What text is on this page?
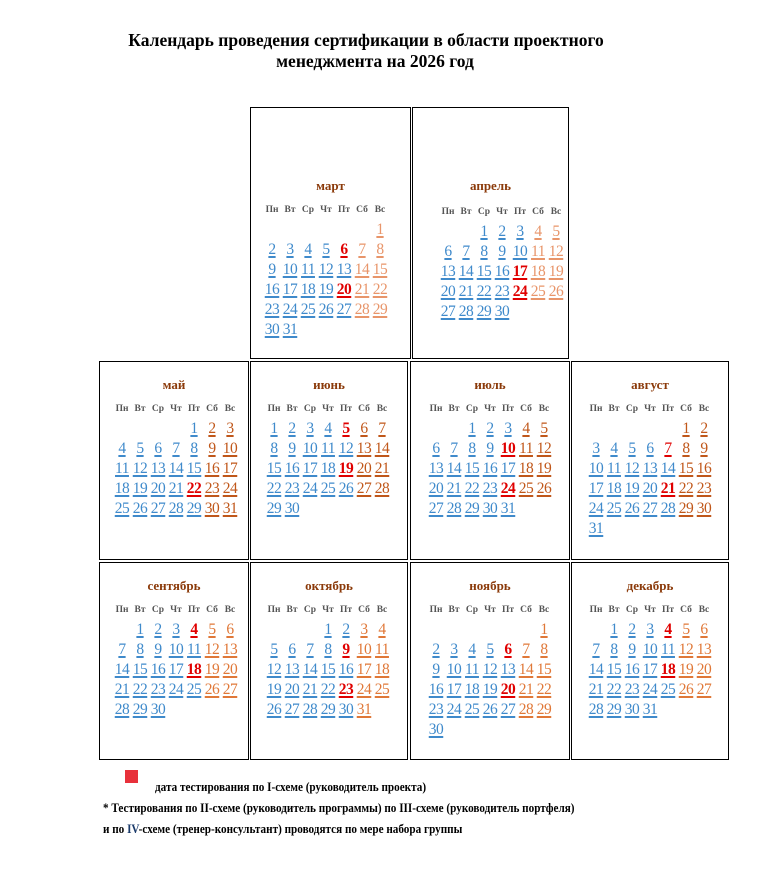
Календарь проведения сертификации в области проектного
менеджмента на 2026 год
март
Пн Вт Ср Чт Пт Сб Вс
1
2 3 4 5 6 7 8
9 10 11 12 13 14 15
16 17 18 19 20 21 22
23 24 25 26 27 28 29
30 31
апрель
Пн Вт Ср Чт Пт Сб Вс
1 2 3 4 5
6 7 8 9 10 11 12
13 14 15 16 17 18 19
20 21 22 23 24 25 26
27 28 29 30
май
Пн Вт Ср Чт Пт Сб Вс
1 2 3
4 5 6 7 8 9 10
11 12 13 14 15 16 17
18 19 20 21 22 23 24
25 26 27 28 29 30 31
июнь
Пн Вт Ср Чт Пт Сб Вс
1 2 3 4 5 6 7
8 9 10 11 12 13 14
15 16 17 18 19 20 21
22 23 24 25 26 27 28
29 30
июль
Пн Вт Ср Чт Пт Сб Вс
1 2 3 4 5
6 7 8 9 10 11 12
13 14 15 16 17 18 19
20 21 22 23 24 25 26
27 28 29 30 31
август
Пн Вт Ср Чт Пт Сб Вс
1 2
3 4 5 6 7 8 9
10 11 12 13 14 15 16
17 18 19 20 21 22 23
24 25 26 27 28 29 30
31
сентябрь
Пн Вт Ср Чт Пт Сб Вс
1 2 3 4 5 6
7 8 9 10 11 12 13
14 15 16 17 18 19 20
21 22 23 24 25 26 27
28 29 30
октябрь
Пн Вт Ср Чт Пт Сб Вс
1 2 3 4
5 6 7 8 9 10 11
12 13 14 15 16 17 18
19 20 21 22 23 24 25
26 27 28 29 30 31
ноябрь
Пн Вт Ср Чт Пт Сб Вс
1
2 3 4 5 6 7 8
9 10 11 12 13 14 15
16 17 18 19 20 21 22
23 24 25 26 27 28 29
30
декабрь
Пн Вт Ср Чт Пт Сб Вс
1 2 3 4 5 6
7 8 9 10 11 12 13
14 15 16 17 18 19 20
21 22 23 24 25 26 27
28 29 30 31
дата тестирования по I-схеме (руководитель проекта)
* Тестирования по II-схеме (руководитель программы) по III-схеме (руководитель портфеля)
и по IV-схеме (тренер-консультант) проводятся по мере набора группы
